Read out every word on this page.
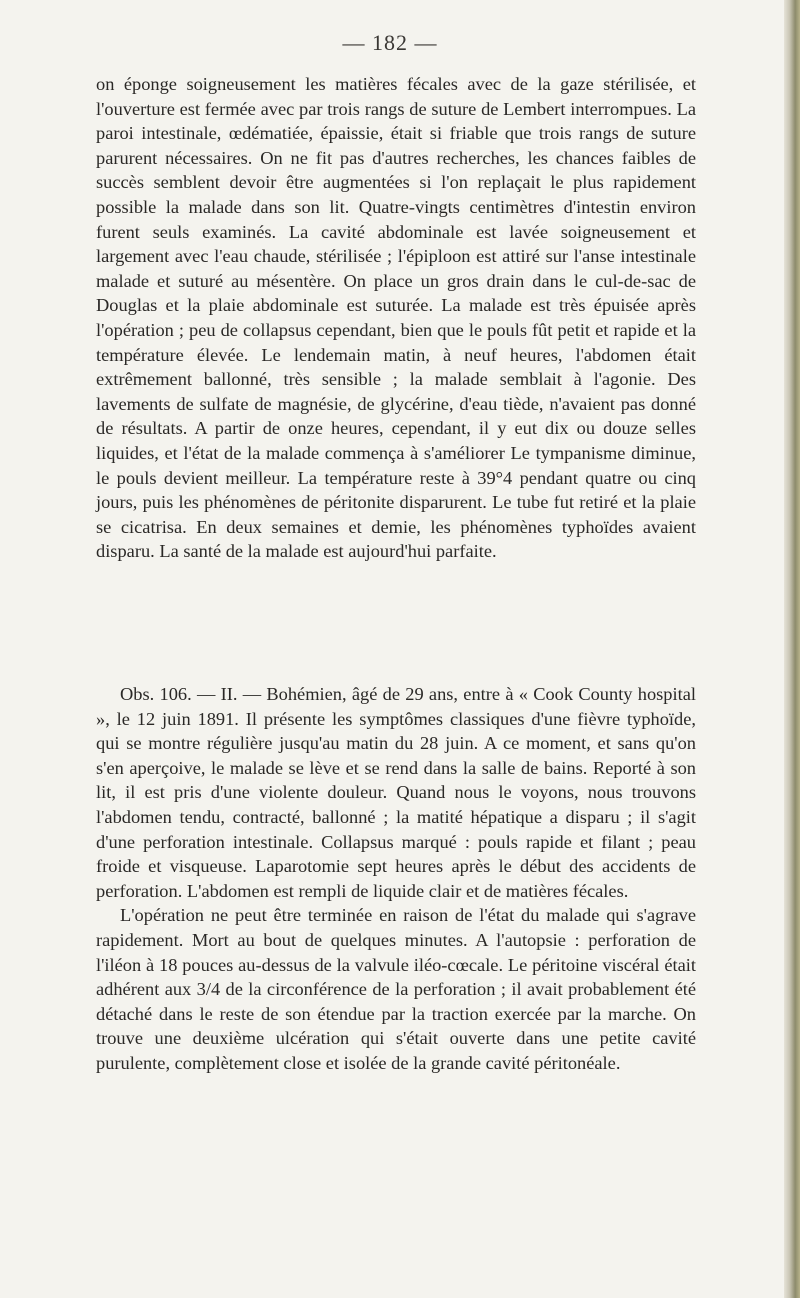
— 182 —

on éponge soigneusement les matières fécales avec de la gaze stérilisée, et l'ouverture est fermée avec par trois rangs de suture de Lembert interrompues. La paroi intestinale, œdématiée, épaissie, était si friable que trois rangs de suture parurent nécessaires. On ne fit pas d'autres recherches, les chances faibles de succès semblent devoir être augmentées si l'on replaçait le plus rapidement possible la malade dans son lit. Quatre-vingts centimètres d'intestin environ furent seuls examinés. La cavité abdominale est lavée soigneusement et largement avec l'eau chaude, stérilisée ; l'épiploon est attiré sur l'anse intestinale malade et suturé au mésentère. On place un gros drain dans le cul-de-sac de Douglas et la plaie abdominale est suturée. La malade est très épuisée après l'opération ; peu de collapsus cependant, bien que le pouls fût petit et rapide et la température élevée. Le lendemain matin, à neuf heures, l'abdomen était extrêmement ballonné, très sensible ; la malade semblait à l'agonie. Des lavements de sulfate de magnésie, de glycérine, d'eau tiède, n'avaient pas donné de résultats. A partir de onze heures, cependant, il y eut dix ou douze selles liquides, et l'état de la malade commença à s'améliorer Le tympanisme diminue, le pouls devient meilleur. La température reste à 39°4 pendant quatre ou cinq jours, puis les phénomènes de péritonite disparurent. Le tube fut retiré et la plaie se cicatrisa. En deux semaines et demie, les phénomènes typhoïdes avaient disparu. La santé de la malade est aujourd'hui parfaite.

Obs. 106. — II. — Bohémien, âgé de 29 ans, entre à « Cook County hospital », le 12 juin 1891. Il présente les symptômes classiques d'une fièvre typhoïde, qui se montre régulière jusqu'au matin du 28 juin. A ce moment, et sans qu'on s'en aperçoive, le malade se lève et se rend dans la salle de bains. Reporté à son lit, il est pris d'une violente douleur. Quand nous le voyons, nous trouvons l'abdomen tendu, contracté, ballonné ; la matité hépatique a disparu ; il s'agit d'une perforation intestinale. Collapsus marqué : pouls rapide et filant ; peau froide et visqueuse. Laparotomie sept heures après le début des accidents de perforation. L'abdomen est rempli de liquide clair et de matières fécales.

L'opération ne peut être terminée en raison de l'état du malade qui s'agrave rapidement. Mort au bout de quelques minutes. A l'autopsie : perforation de l'iléon à 18 pouces au-dessus de la valvule iléo-cœcale. Le péritoine viscéral était adhérent aux 3/4 de la circonférence de la perforation ; il avait probablement été détaché dans le reste de son étendue par la traction exercée par la marche. On trouve une deuxième ulcération qui s'était ouverte dans une petite cavité purulente, complètement close et isolée de la grande cavité péritonéale.
